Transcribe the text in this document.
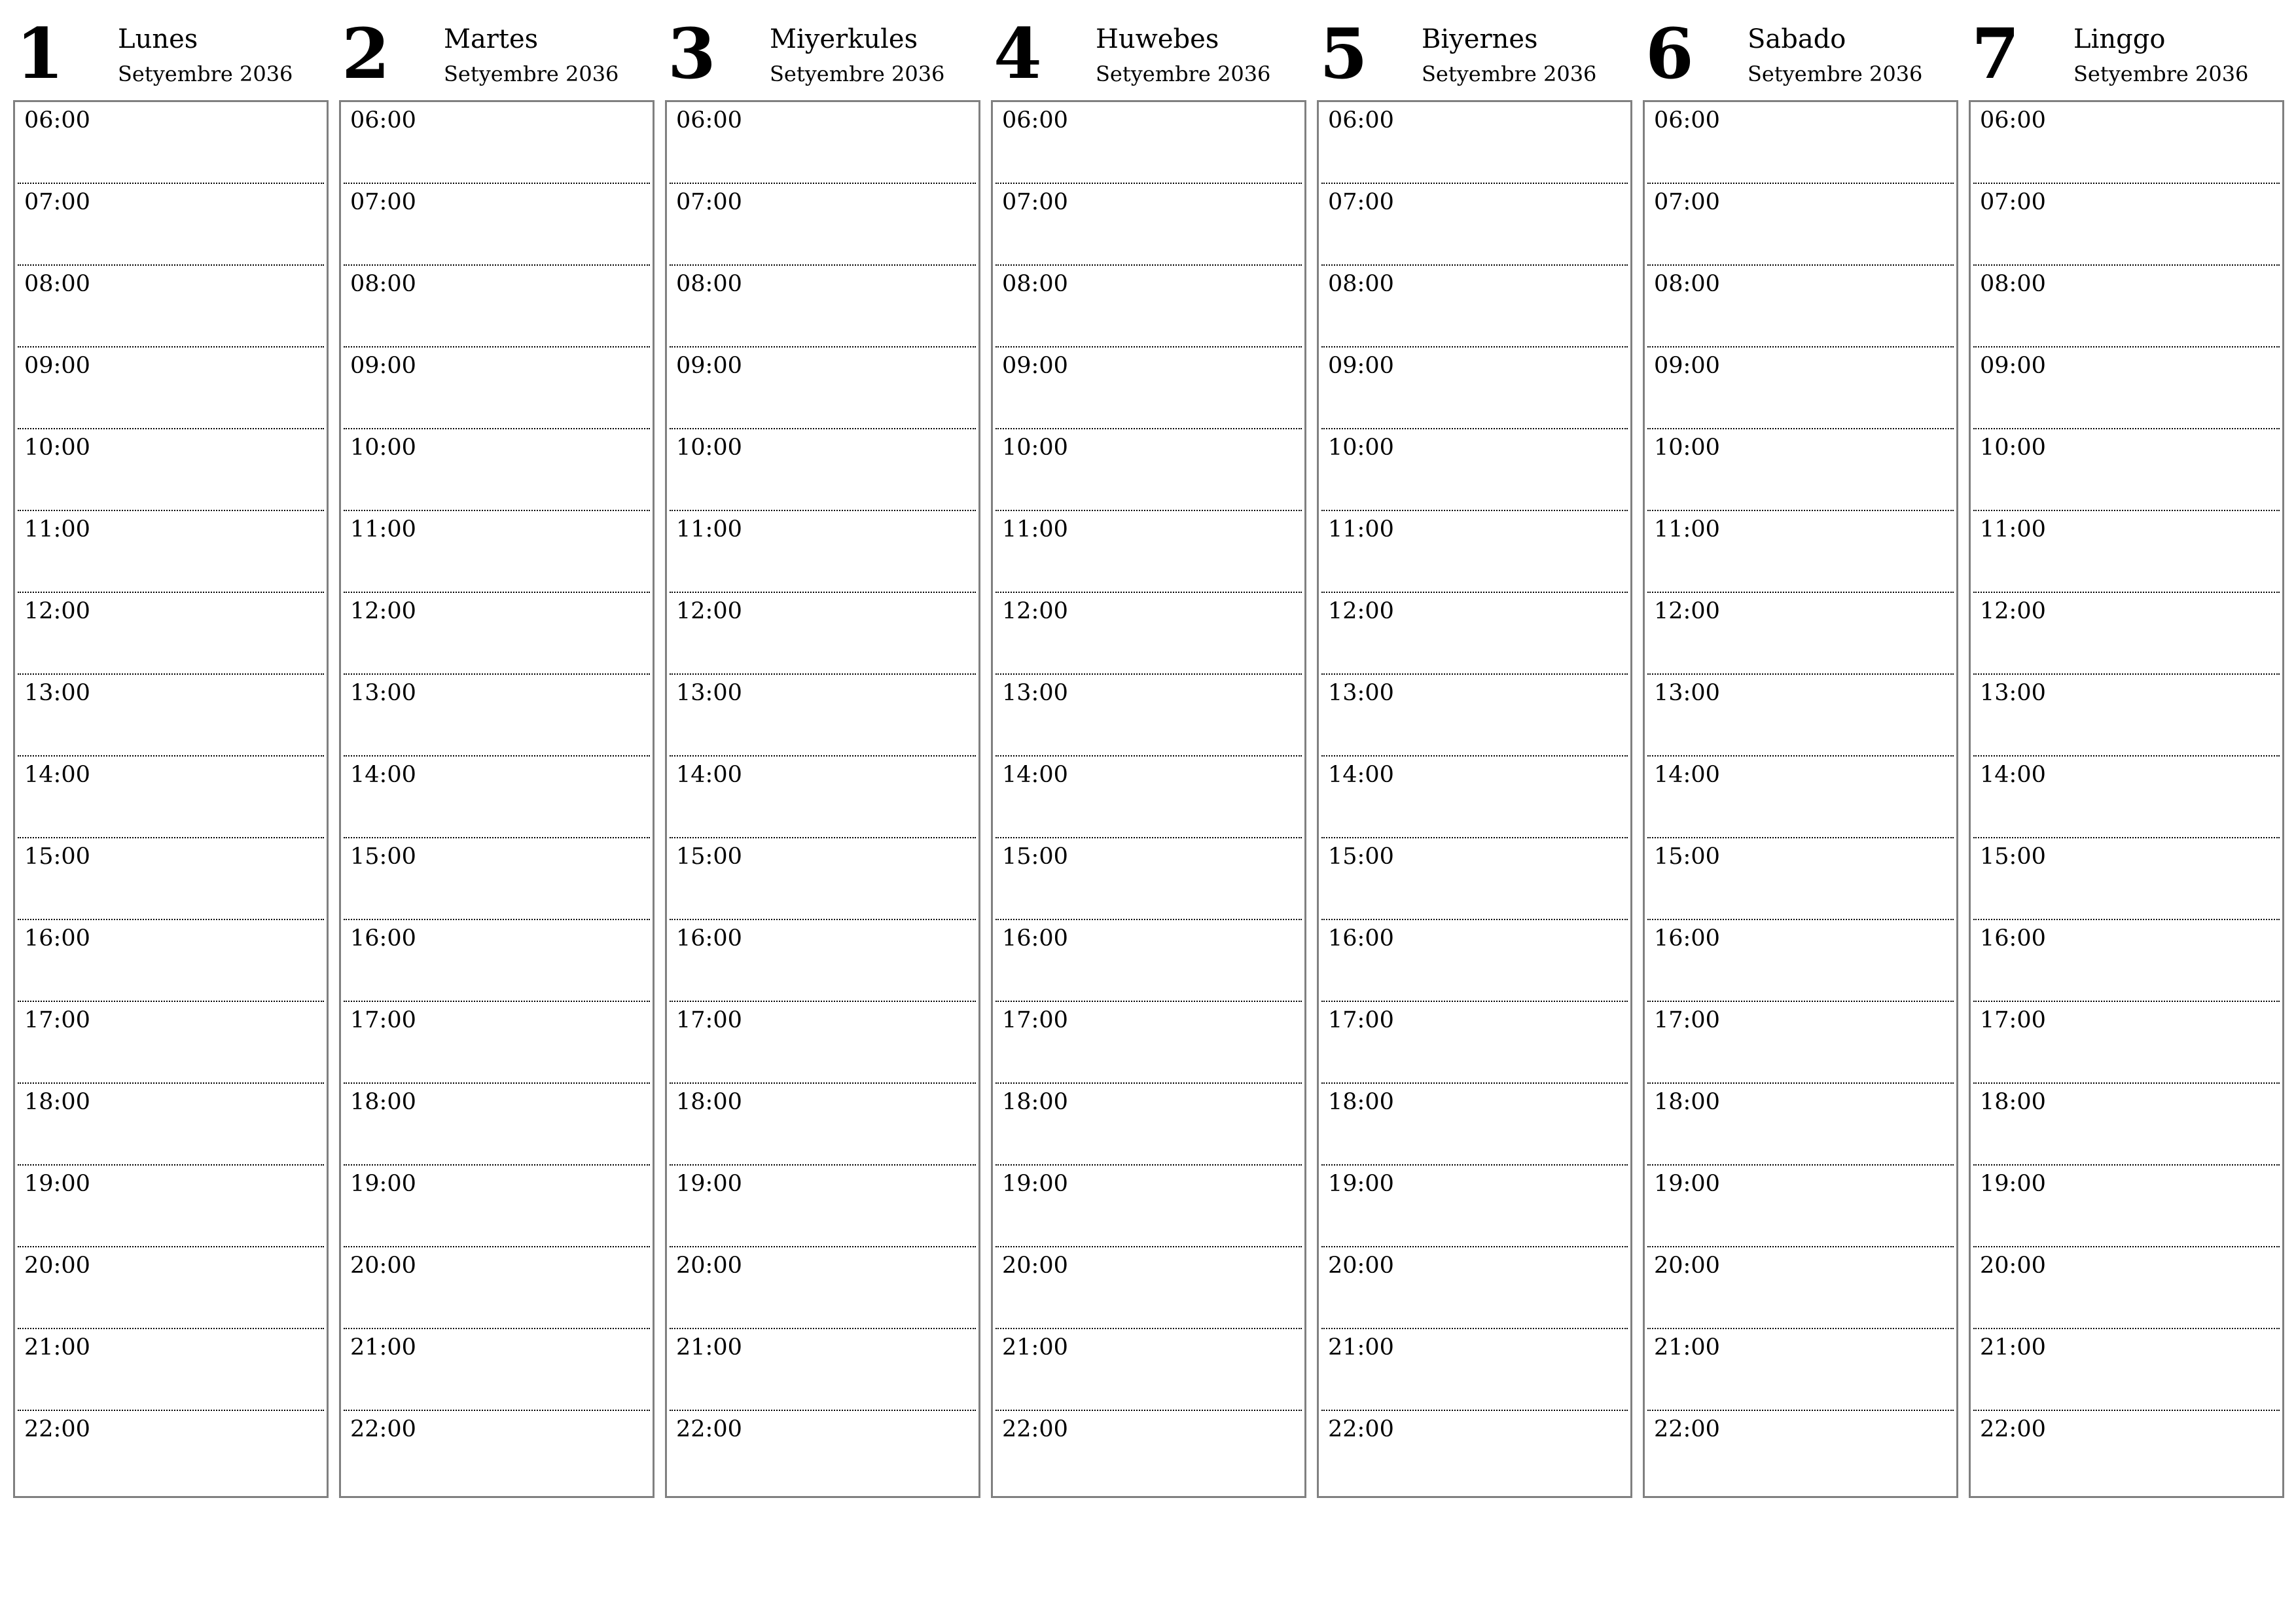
1 Lunes
Setyembre 2036
06:00
07:00
08:00
09:00
10:00
11:00
12:00
13:00
14:00
15:00
16:00
17:00
18:00
19:00
20:00
21:00
22:00
2 Martes
Setyembre 2036
06:00
07:00
08:00
09:00
10:00
11:00
12:00
13:00
14:00
15:00
16:00
17:00
18:00
19:00
20:00
21:00
22:00
3 Miyerkules
Setyembre 2036
06:00
07:00
08:00
09:00
10:00
11:00
12:00
13:00
14:00
15:00
16:00
17:00
18:00
19:00
20:00
21:00
22:00
4 Huwebes
Setyembre 2036
06:00
07:00
08:00
09:00
10:00
11:00
12:00
13:00
14:00
15:00
16:00
17:00
18:00
19:00
20:00
21:00
22:00
5 Biyernes
Setyembre 2036
06:00
07:00
08:00
09:00
10:00
11:00
12:00
13:00
14:00
15:00
16:00
17:00
18:00
19:00
20:00
21:00
22:00
6 Sabado
Setyembre 2036
06:00
07:00
08:00
09:00
10:00
11:00
12:00
13:00
14:00
15:00
16:00
17:00
18:00
19:00
20:00
21:00
22:00
7 Linggo
Setyembre 2036
06:00
07:00
08:00
09:00
10:00
11:00
12:00
13:00
14:00
15:00
16:00
17:00
18:00
19:00
20:00
21:00
22:00
